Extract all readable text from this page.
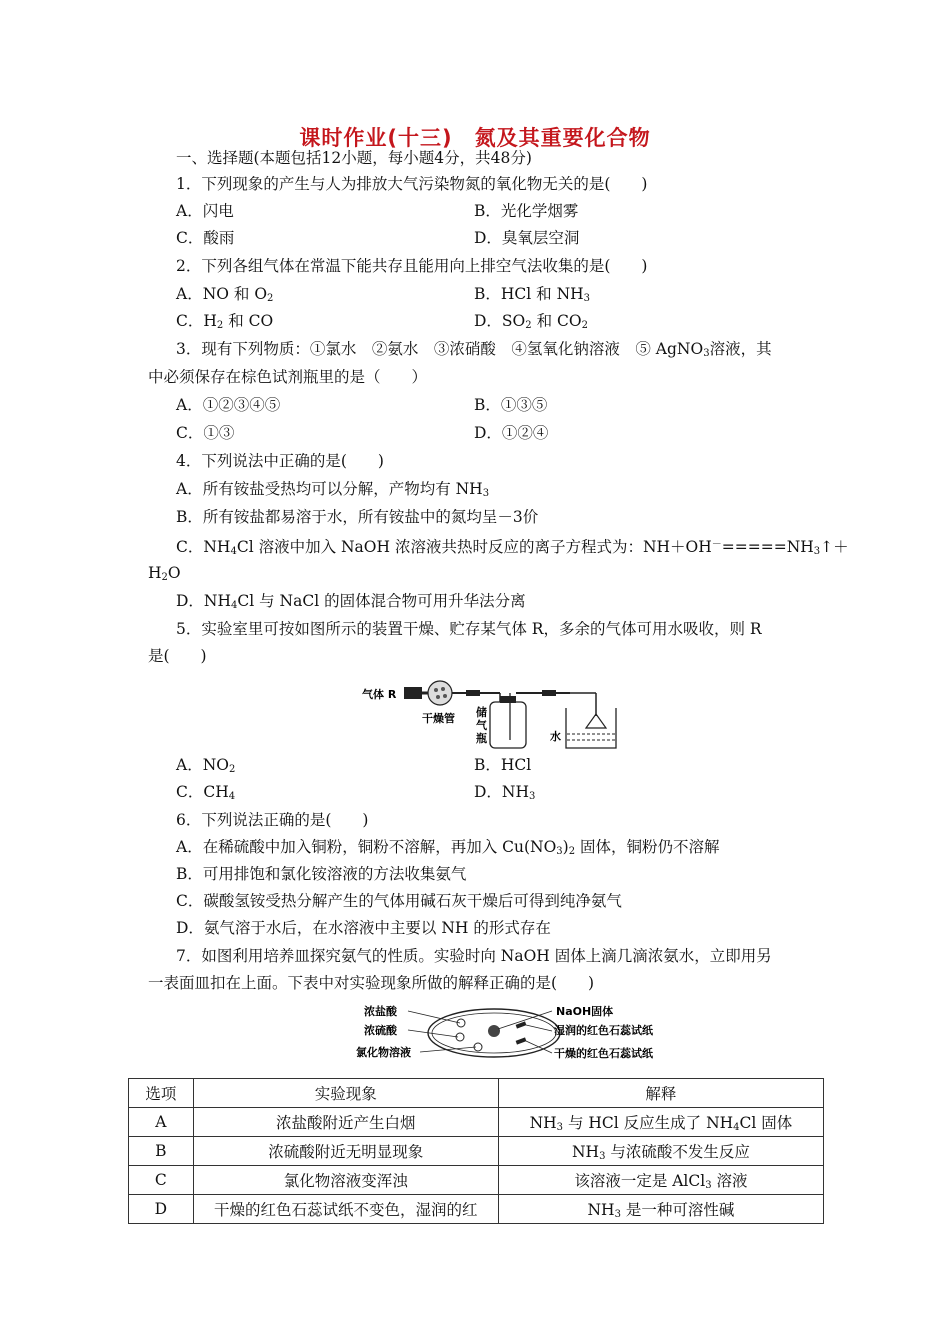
课时作业(十三)　氮及其重要化合物
一、选择题(本题包括12小题，每小题4分，共48分)
1．下列现象的产生与人为排放大气污染物氮的氧化物无关的是(　　)
A．闪电	B．光化学烟雾
C．酸雨	D．臭氧层空洞
2．下列各组气体在常温下能共存且能用向上排空气法收集的是(　　)
A．NO 和 $O_2$	B．HCl 和 $NH_3$
C．$H_2$ 和 CO	D．$SO_2$ 和 $CO_2$
3．现有下列物质：①氯水　②氨水　③浓硝酸　④氢氧化钠溶液　⑤ AgNO$_3$溶液，其
中必须保存在棕色试剂瓶里的是（　　）
A．①②③④⑤	B．①③⑤
C．①③	D．①②④
4．下列说法中正确的是(　　)
A．所有铵盐受热均可以分解，产物均有 $NH_3$
B．所有铵盐都易溶于水，所有铵盐中的氮均呈－3价
C．$NH_4Cl$ 溶液中加入 NaOH 浓溶液共热时反应的离子方程式为：$NH+OH^-=====NH_3↑+$
$H_2O$
D．$NH_4Cl$ 与 NaCl 的固体混合物可用升华法分离
5．实验室里可按如图所示的装置干燥、贮存某气体 R，多余的气体可用水吸收，则 R
是(　　)
气体 R
干燥管 储
气
瓶	水
A．$NO_2$	B．HCl
C．$CH_4$	D．$NH_3$
6．下列说法正确的是(　　)
A．在稀硫酸中加入铜粉，铜粉不溶解，再加入 $Cu(NO_3)_2$ 固体，铜粉仍不溶解
B．可用排饱和氯化铵溶液的方法收集氨气
C．碳酸氢铵受热分解产生的气体用碱石灰干燥后可得到纯净氨气
D．氨气溶于水后，在水溶液中主要以 NH 的形式存在
7．如图利用培养皿探究氨气的性质。实验时向 NaOH 固体上滴几滴浓氨水，立即用另
一表面皿扣在上面。下表中对实验现象所做的解释正确的是(　　)
浓盐酸
浓硫酸
氯化物溶液
NaOH固体
湿润的红色石蕊试纸
干燥的红色石蕊试纸
选项	实验现象	解释
A	浓盐酸附近产生白烟	$NH_3$ 与 HCl 反应生成了 $NH_4Cl$ 固体
B	浓硫酸附近无明显现象	$NH_3$ 与浓硫酸不发生反应
C	氯化物溶液变浑浊	该溶液一定是 AlCl$_3$ 溶液
D	干燥的红色石蕊试纸不变色，湿润的红	$NH_3$ 是一种可溶性碱
